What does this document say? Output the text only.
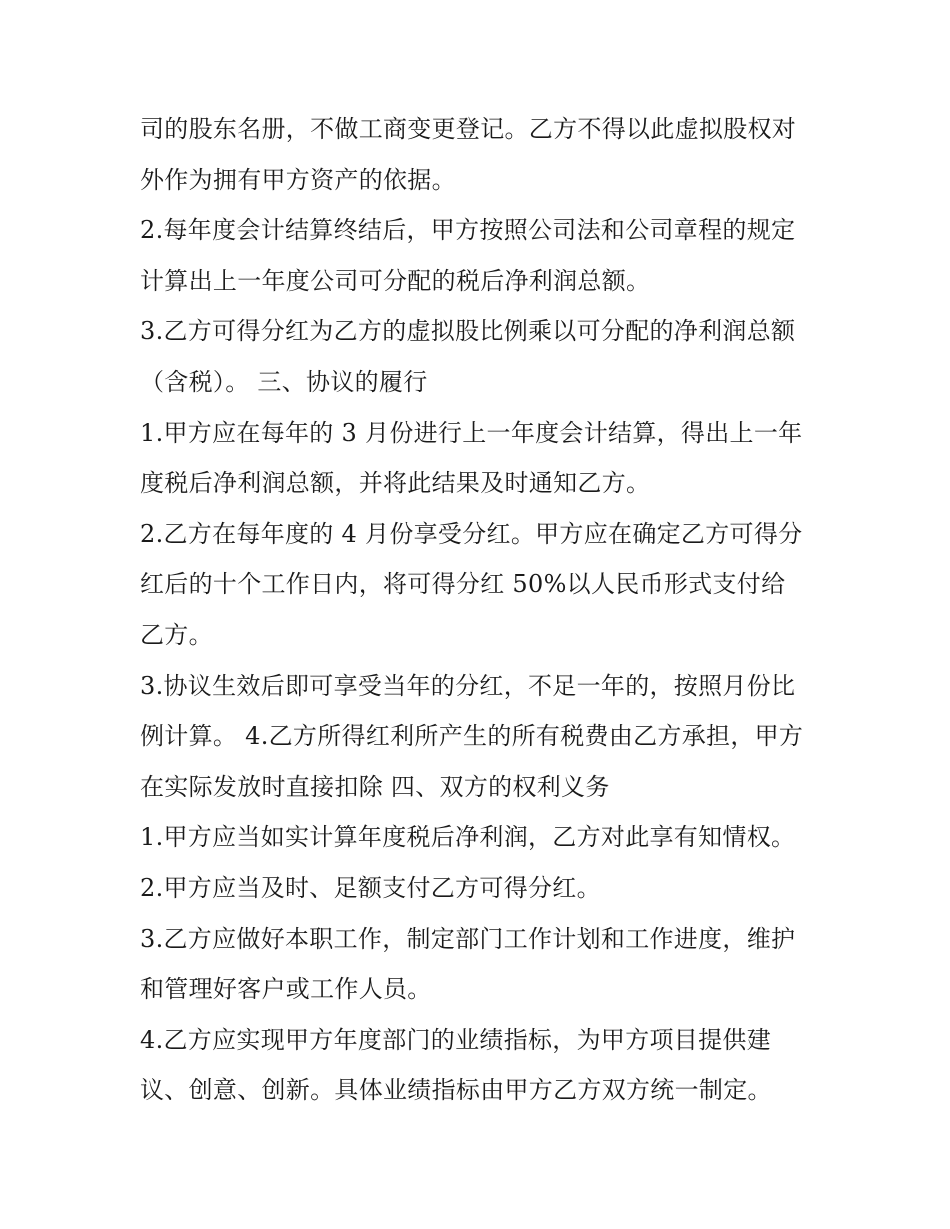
司的股东名册，不做工商变更登记。乙方不得以此虚拟股权对
外作为拥有甲方资产的依据。
2.每年度会计结算终结后，甲方按照公司法和公司章程的规定
计算出上一年度公司可分配的税后净利润总额。
3.乙方可得分红为乙方的虚拟股比例乘以可分配的净利润总额
（含税）。 三、协议的履行
1.甲方应在每年的 3 月份进行上一年度会计结算，得出上一年
度税后净利润总额，并将此结果及时通知乙方。
2.乙方在每年度的 4 月份享受分红。甲方应在确定乙方可得分
红后的十个工作日内，将可得分红 50%以人民币形式支付给
乙方。
3.协议生效后即可享受当年的分红，不足一年的，按照月份比
例计算。 4.乙方所得红利所产生的所有税费由乙方承担，甲方
在实际发放时直接扣除 四、双方的权利义务
1.甲方应当如实计算年度税后净利润，乙方对此享有知情权。
2.甲方应当及时、足额支付乙方可得分红。
3.乙方应做好本职工作，制定部门工作计划和工作进度，维护
和管理好客户或工作人员。
4.乙方应实现甲方年度部门的业绩指标，为甲方项目提供建
议、创意、创新。具体业绩指标由甲方乙方双方统一制定。
